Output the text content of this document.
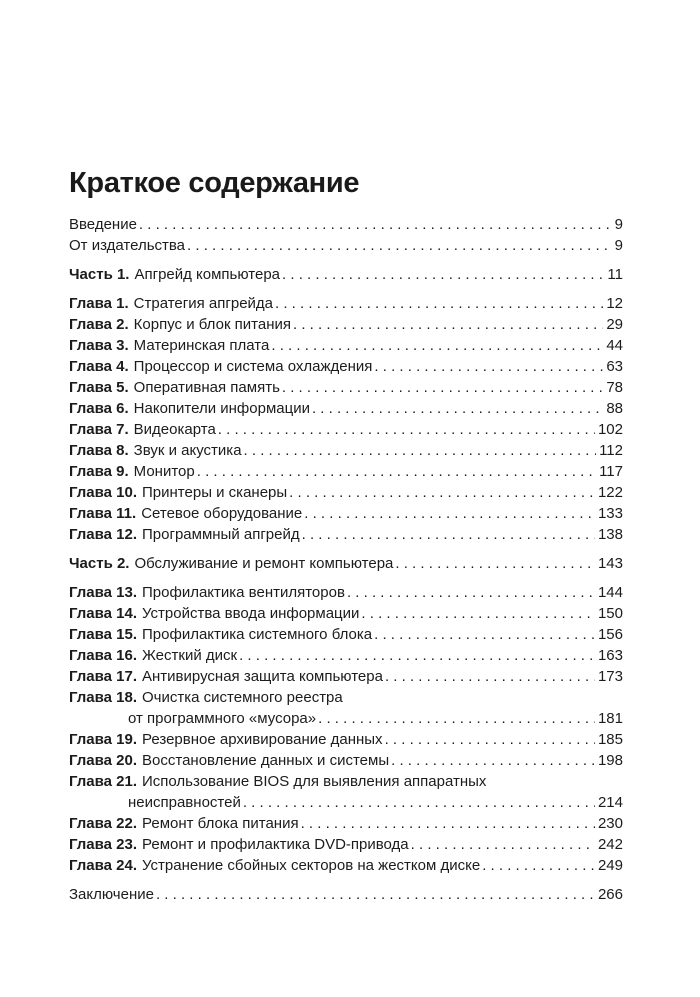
Краткое содержание
Введение . . .	9
От издательства . . .	9
Часть 1. Апгрейд компьютера . . .	11
Глава 1. Стратегия апгрейда . . .	12
Глава 2. Корпус и блок питания . . .	29
Глава 3. Материнская плата . . .	44
Глава 4. Процессор и система охлаждения . . .	63
Глава 5. Оперативная память . . .	78
Глава 6. Накопители информации . . .	88
Глава 7. Видеокарта . . .	102
Глава 8. Звук и акустика . . .	112
Глава 9. Монитор . . .	117
Глава 10. Принтеры и сканеры . . .	122
Глава 11. Сетевое оборудование . . .	133
Глава 12. Программный апгрейд . . .	138
Часть 2. Обслуживание и ремонт компьютера . . .	143
Глава 13. Профилактика вентиляторов . . .	144
Глава 14. Устройства ввода информации . . .	150
Глава 15. Профилактика системного блока . . .	156
Глава 16. Жесткий диск . . .	163
Глава 17. Антивирусная защита компьютера . . .	173
Глава 18. Очистка системного реестра
от программного «мусора» . . .	181
Глава 19. Резервное архивирование данных . . .	185
Глава 20. Восстановление данных и системы . . .	198
Глава 21. Использование BIOS для выявления аппаратных
неисправностей . . .	214
Глава 22. Ремонт блока питания . . .	230
Глава 23. Ремонт и профилактика DVD-привода . . .	242
Глава 24. Устранение сбойных секторов на жестком диске . . .	249
Заключение . . .	266
